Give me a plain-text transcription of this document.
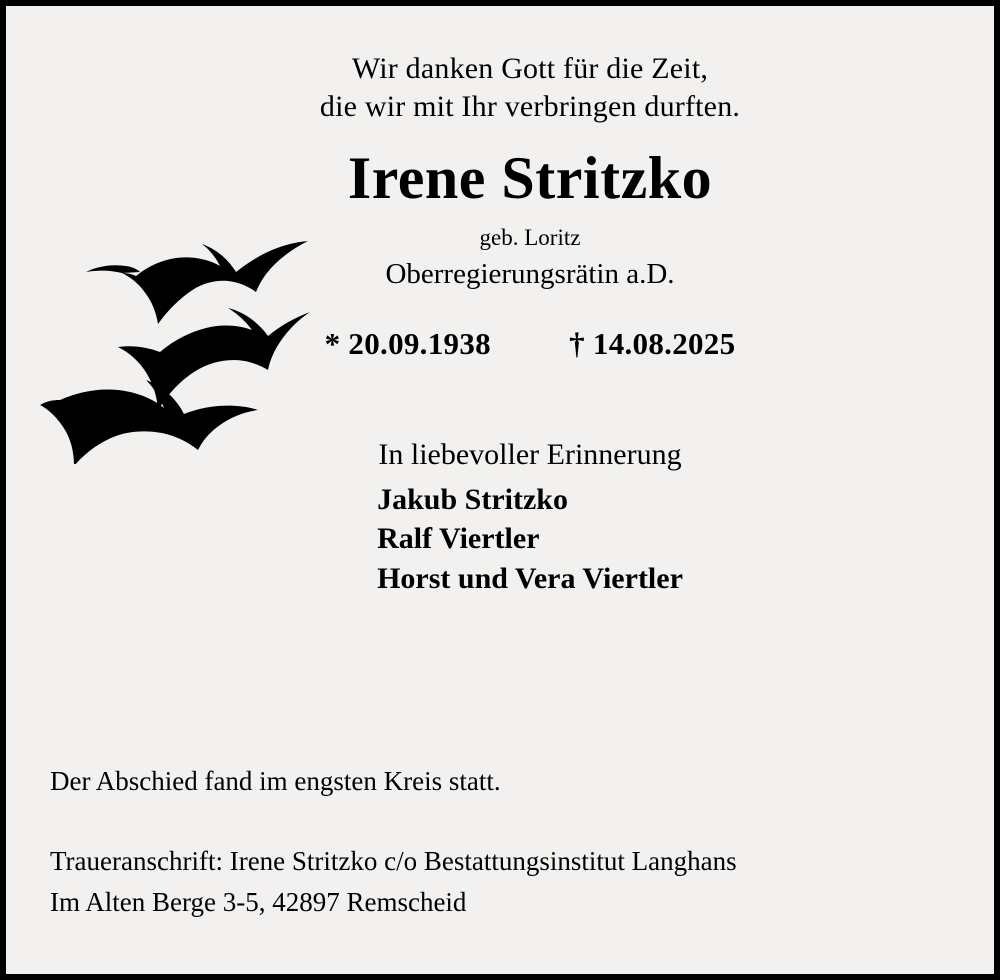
Wir danken Gott für die Zeit,
die wir mit Ihr verbringen durften.
Irene Stritzko
geb. Loritz
Oberregierungsrätin a.D.
* 20.09.1938	† 14.08.2025
In liebevoller Erinnerung
Jakub Stritzko
Ralf Viertler
Horst und Vera Viertler
Der Abschied fand im engsten Kreis statt.
Traueranschrift: Irene Stritzko c/o Bestattungsinstitut Langhans
Im Alten Berge 3-5, 42897 Remscheid
